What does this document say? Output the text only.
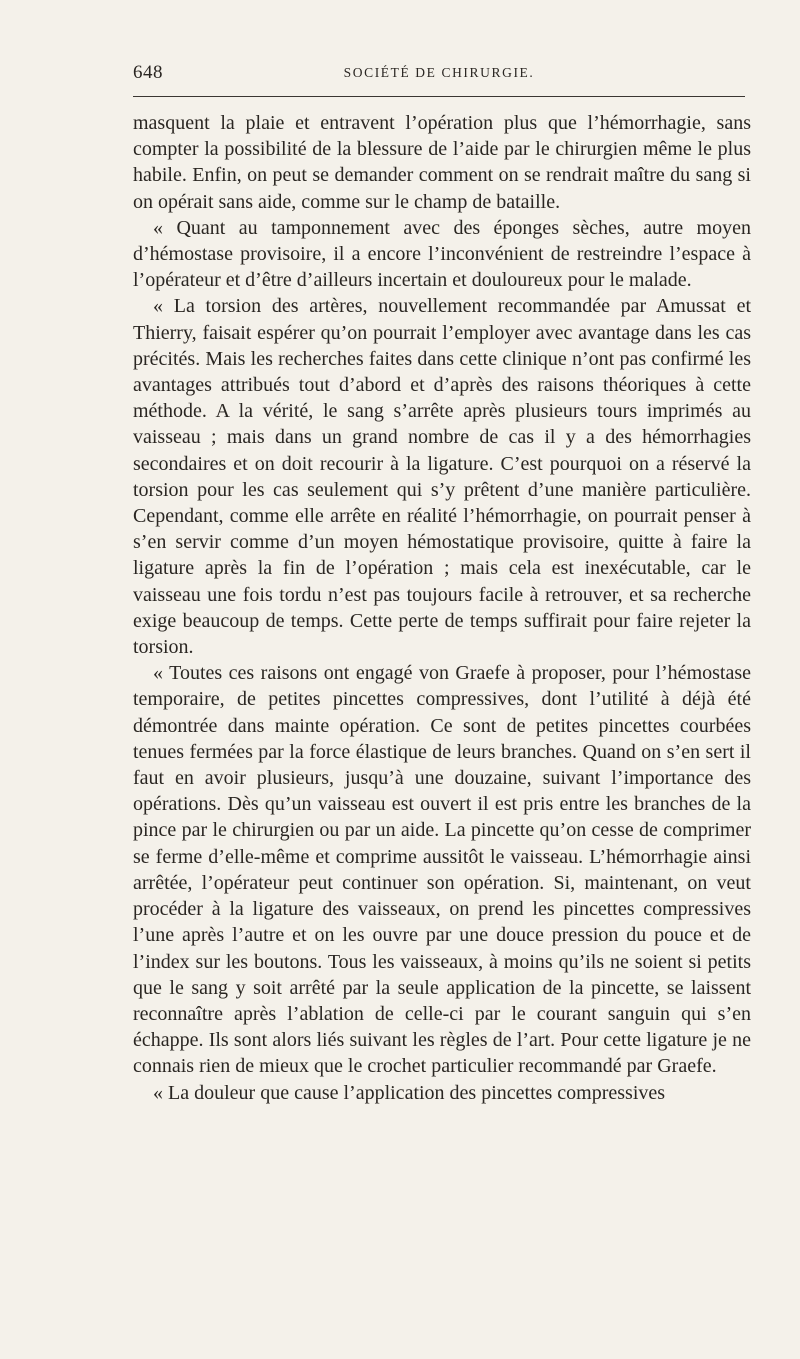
648	SOCIÉTÉ DE CHIRURGIE.

masquent la plaie et entravent l’opération plus que l’hémorrhagie, sans compter la possibilité de la blessure de l’aide par le chirurgien même le plus habile. Enfin, on peut se demander comment on se rendrait maître du sang si on opérait sans aide, comme sur le champ de bataille.

« Quant au tamponnement avec des éponges sèches, autre moyen d’hémostase provisoire, il a encore l’inconvénient de restreindre l’espace à l’opérateur et d’être d’ailleurs incertain et douloureux pour le malade.

« La torsion des artères, nouvellement recommandée par Amussat et Thierry, faisait espérer qu’on pourrait l’employer avec avantage dans les cas précités. Mais les recherches faites dans cette clinique n’ont pas confirmé les avantages attribués tout d’abord et d’après des raisons théoriques à cette méthode. A la vérité, le sang s’arrête après plusieurs tours imprimés au vaisseau ; mais dans un grand nombre de cas il y a des hémorrhagies secondaires et on doit recourir à la ligature. C’est pourquoi on a réservé la torsion pour les cas seulement qui s’y prêtent d’une manière particulière. Cependant, comme elle arrête en réalité l’hémorrhagie, on pourrait penser à s’en servir comme d’un moyen hémostatique provisoire, quitte à faire la ligature après la fin de l’opération ; mais cela est inexécutable, car le vaisseau une fois tordu n’est pas toujours facile à retrouver, et sa recherche exige beaucoup de temps. Cette perte de temps suffirait pour faire rejeter la torsion.

« Toutes ces raisons ont engagé von Graefe à proposer, pour l’hémostase temporaire, de petites pincettes compressives, dont l’utilité à déjà été démontrée dans mainte opération. Ce sont de petites pincettes courbées tenues fermées par la force élastique de leurs branches. Quand on s’en sert il faut en avoir plusieurs, jusqu’à une douzaine, suivant l’importance des opérations. Dès qu’un vaisseau est ouvert il est pris entre les branches de la pince par le chirurgien ou par un aide. La pincette qu’on cesse de comprimer se ferme d’elle-même et comprime aussitôt le vaisseau. L’hémorrhagie ainsi arrêtée, l’opérateur peut continuer son opération. Si, maintenant, on veut procéder à la ligature des vaisseaux, on prend les pincettes compressives l’une après l’autre et on les ouvre par une douce pression du pouce et de l’index sur les boutons. Tous les vaisseaux, à moins qu’ils ne soient si petits que le sang y soit arrêté par la seule application de la pincette, se laissent reconnaître après l’ablation de celle-ci par le courant sanguin qui s’en échappe. Ils sont alors liés suivant les règles de l’art. Pour cette ligature je ne connais rien de mieux que le crochet particulier recommandé par Graefe.

« La douleur que cause l’application des pincettes compressives
